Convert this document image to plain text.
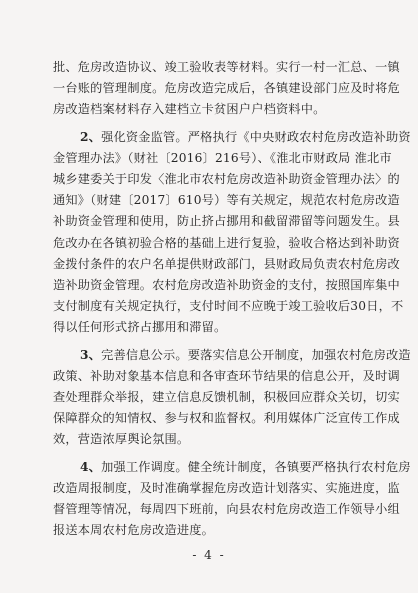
批、危房改造协议、竣工验收表等材料。实行一村一汇总、一镇
一台账的管理制度。危房改造完成后，各镇建设部门应及时将危
房改造档案材料存入建档立卡贫困户户档资料中。
2、强化资金监管。严格执行《中央财政农村危房改造补助资
金管理办法》（财社〔2016〕216号）、《淮北市财政局 淮北市
城乡建委关于印发〈淮北市农村危房改造补助资金管理办法〉的
通知》（财建〔2017〕610号）等有关规定，规范农村危房改造
补助资金管理和使用，防止挤占挪用和截留滞留等问题发生。县
危改办在各镇初验合格的基础上进行复验，验收合格达到补助资
金拨付条件的农户名单提供财政部门，县财政局负责农村危房改
造补助资金管理。农村危房改造补助资金的支付，按照国库集中
支付制度有关规定执行，支付时间不应晚于竣工验收后30日，不
得以任何形式挤占挪用和滞留。
3、完善信息公示。要落实信息公开制度，加强农村危房改造
政策、补助对象基本信息和各审查环节结果的信息公开，及时调
查处理群众举报，建立信息反馈机制，积极回应群众关切，切实
保障群众的知情权、参与权和监督权。利用媒体广泛宣传工作成
效，营造浓厚舆论氛围。
4、加强工作调度。健全统计制度，各镇要严格执行农村危房
改造周报制度，及时准确掌握危房改造计划落实、实施进度，监
督管理等情况，每周四下班前，向县农村危房改造工作领导小组
报送本周农村危房改造进度。
- 4 -
